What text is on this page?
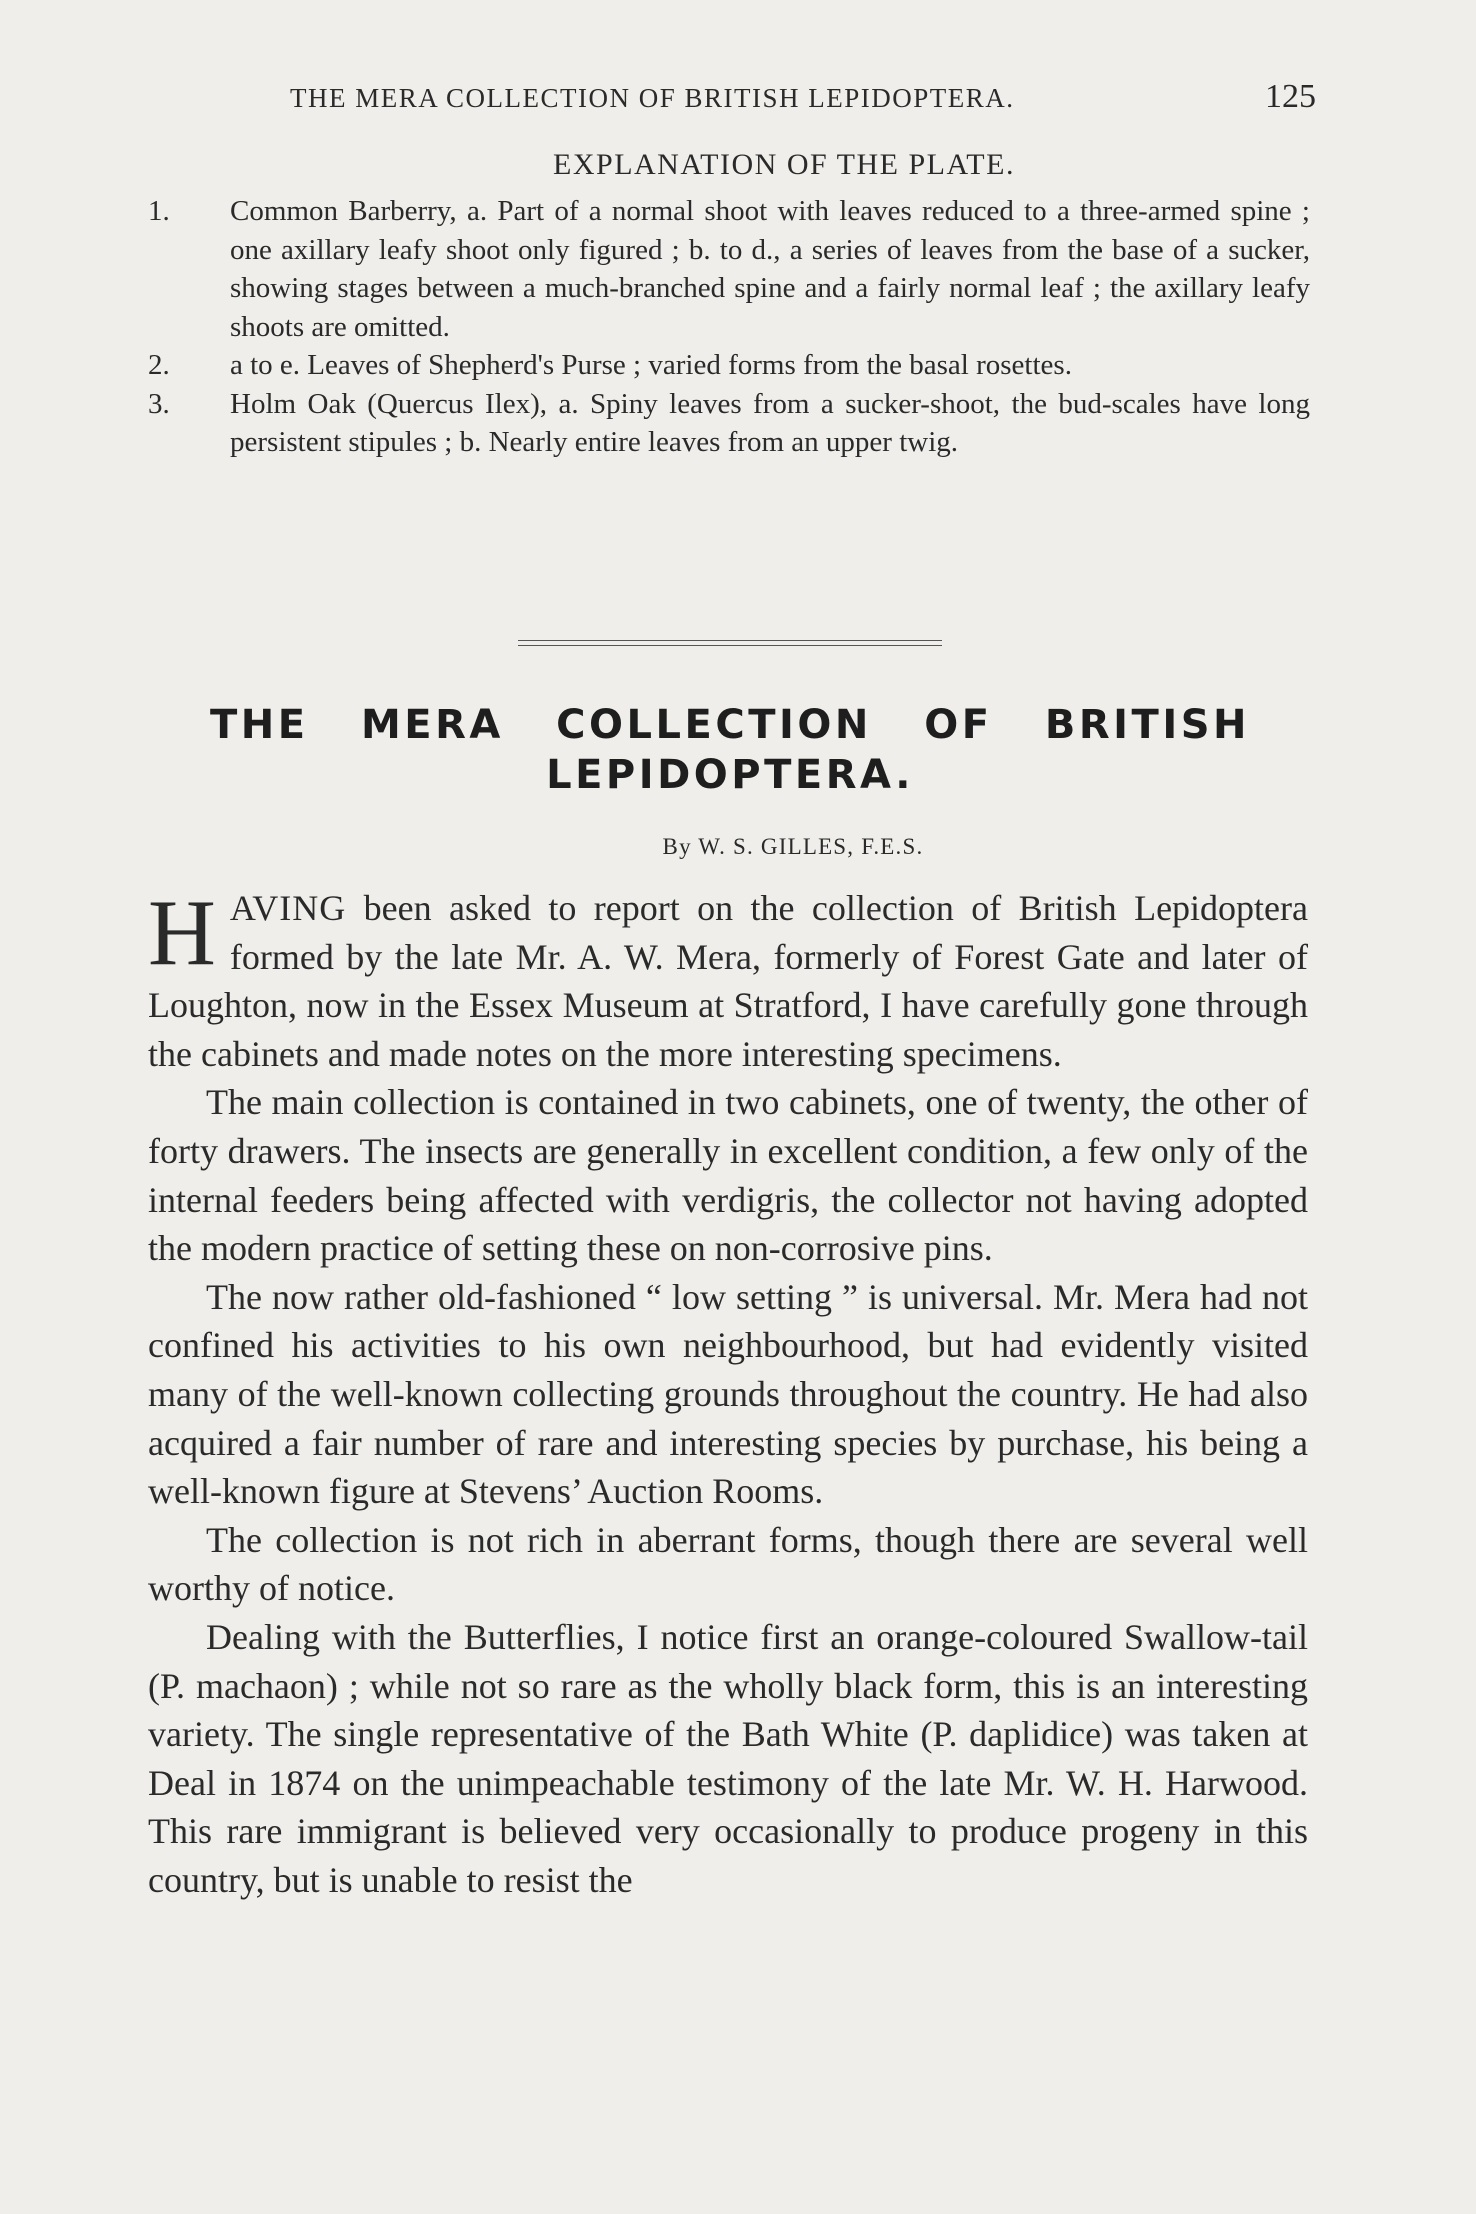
THE MERA COLLECTION OF BRITISH LEPIDOPTERA.	125
EXPLANATION OF THE PLATE.
1.	Common Barberry, a. Part of a normal shoot with leaves reduced to a three-armed spine ; one axillary leafy shoot only figured ; b. to d., a series of leaves from the base of a sucker, showing stages between a much-branched spine and a fairly normal leaf ; the axillary leafy shoots are omitted.
2.	a to e. Leaves of Shepherd's Purse ; varied forms from the basal rosettes.
3.	Holm Oak (Quercus Ilex), a. Spiny leaves from a sucker-shoot, the bud-scales have long persistent stipules ; b. Nearly entire leaves from an upper twig.
THE MERA COLLECTION OF BRITISH
LEPIDOPTERA.
By W. S. GILLES, F.E.S.

HAVING been asked to report on the collection of British Lepidoptera formed by the late Mr. A. W. Mera, formerly of Forest Gate and later of Loughton, now in the Essex Museum at Stratford, I have carefully gone through the cabinets and made notes on the more interesting specimens.

The main collection is contained in two cabinets, one of twenty, the other of forty drawers. The insects are generally in excellent condition, a few only of the internal feeders being affected with verdigris, the collector not having adopted the modern practice of setting these on non-corrosive pins.

The now rather old-fashioned “ low setting ” is universal. Mr. Mera had not confined his activities to his own neighbourhood, but had evidently visited many of the well-known collecting grounds throughout the country. He had also acquired a fair number of rare and interesting species by purchase, his being a well-known figure at Stevens’ Auction Rooms.

The collection is not rich in aberrant forms, though there are several well worthy of notice.

Dealing with the Butterflies, I notice first an orange-coloured Swallow-tail (P. machaon) ; while not so rare as the wholly black form, this is an interesting variety. The single representative of the Bath White (P. daplidice) was taken at Deal in 1874 on the unimpeachable testimony of the late Mr. W. H. Harwood. This rare immigrant is believed very occasionally to produce progeny in this country, but is unable to resist the
